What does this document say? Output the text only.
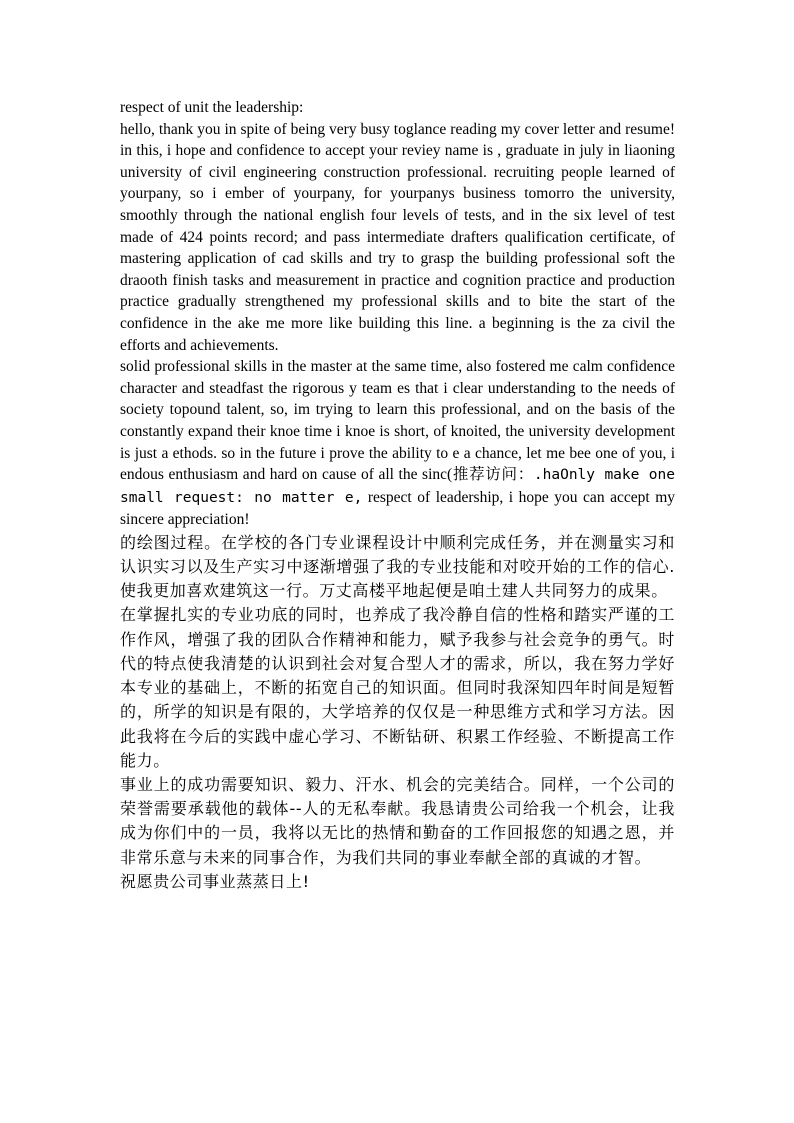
respect of unit the leadership:

hello, thank you in spite of being very busy toglance reading my cover letter and resume! in this, i hope and confidence to accept your reviey name is , graduate in july in liaoning university of civil engineering construction professional. recruiting people learned of yourpany, so i ember of yourpany, for yourpanys business tomorro the university, smoothly through the national english four levels of tests, and in the six level of test made of 424 points record; and pass intermediate drafters qualification certificate, of mastering application of cad skills and try to grasp the building professional soft the draooth finish tasks and measurement in practice and cognition practice and production practice gradually strengthened my professional skills and to bite the start of the confidence in the ake me more like building this line. a beginning is the za civil the efforts and achievements.

solid professional skills in the master at the same time, also fostered me calm confidence character and steadfast the rigorous y team es that i clear understanding to the needs of society topound talent, so, im trying to learn this professional, and on the basis of the constantly expand their knoe time i knoe is short, of knoited, the university development is just a ethods. so in the future i prove the ability to e a chance, let me bee one of you, i endous enthusiasm and hard on cause of all the sinc(推荐访问：.haOnly make one small request: no matter e, respect of leadership, i hope you can accept my sincere appreciation!

的绘图过程。在学校的各门专业课程设计中顺利完成任务，并在测量实习和认识实习以及生产实习中逐渐增强了我的专业技能和对咬开始的工作的信心.使我更加喜欢建筑这一行。万丈高楼平地起便是咱土建人共同努力的成果。

在掌握扎实的专业功底的同时，也养成了我冷静自信的性格和踏实严谨的工作作风，增强了我的团队合作精神和能力，赋予我参与社会竞争的勇气。时代的特点使我清楚的认识到社会对复合型人才的需求，所以，我在努力学好本专业的基础上，不断的拓宽自己的知识面。但同时我深知四年时间是短暂的，所学的知识是有限的，大学培养的仅仅是一种思维方式和学习方法。因此我将在今后的实践中虚心学习、不断钻研、积累工作经验、不断提高工作能力。

事业上的成功需要知识、毅力、汗水、机会的完美结合。同样，一个公司的荣誉需要承载他的载体--人的无私奉献。我恳请贵公司给我一个机会，让我成为你们中的一员，我将以无比的热情和勤奋的工作回报您的知遇之恩，并非常乐意与未来的同事合作，为我们共同的事业奉献全部的真诚的才智。

祝愿贵公司事业蒸蒸日上!
